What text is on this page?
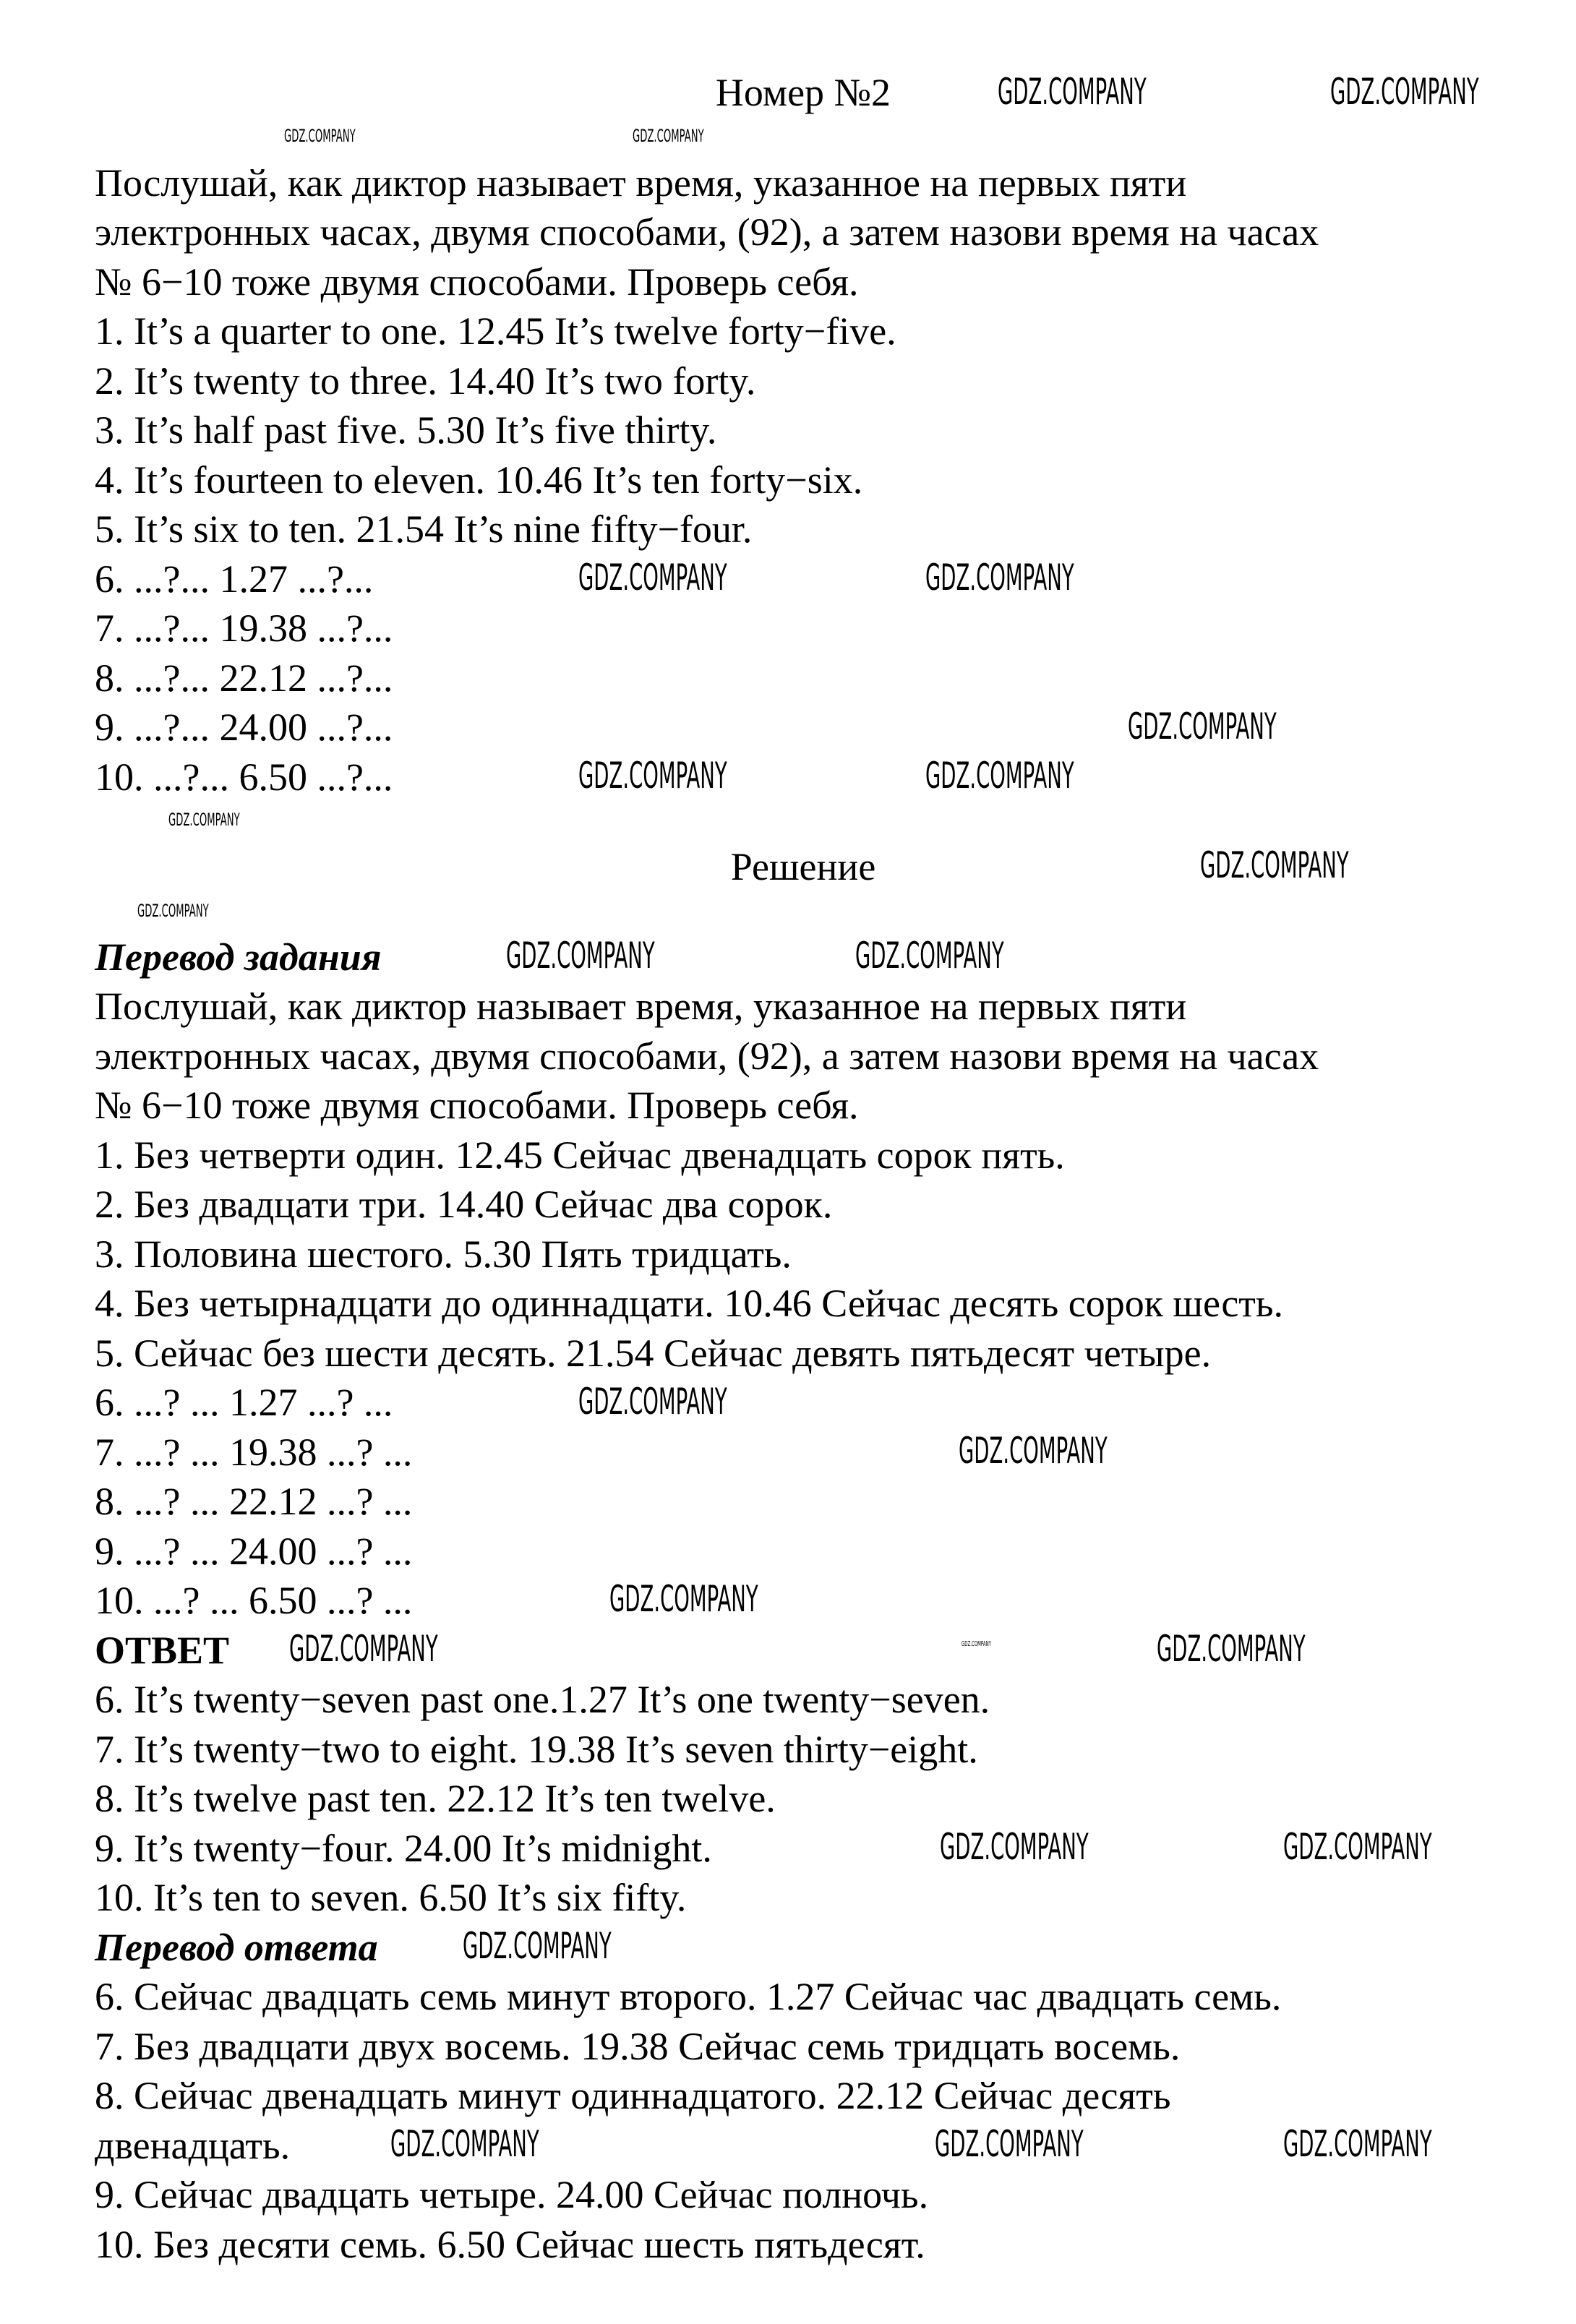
Номер №2
Послушай, как диктор называет время, указанное на первых пяти
электронных часах, двумя способами, (92), а затем назови время на часах
№ 6−10 тоже двумя способами. Проверь себя.
1. It’s a quarter to one. 12.45 It’s twelve forty−five.
2. It’s twenty to three. 14.40 It’s two forty.
3. It’s half past five. 5.30 It’s five thirty.
4. It’s fourteen to eleven. 10.46 It’s ten forty−six.
5. It’s six to ten. 21.54 It’s nine fifty−four.
6. ...?... 1.27 ...?...
7. ...?... 19.38 ...?...
8. ...?... 22.12 ...?...
9. ...?... 24.00 ...?...
10. ...?... 6.50 ...?...
Решение
Перевод задания
Послушай, как диктор называет время, указанное на первых пяти
электронных часах, двумя способами, (92), а затем назови время на часах
№ 6−10 тоже двумя способами. Проверь себя.
1. Без четверти один. 12.45 Сейчас двенадцать сорок пять.
2. Без двадцати три. 14.40 Сейчас два сорок.
3. Половина шестого. 5.30 Пять тридцать.
4. Без четырнадцати до одиннадцати. 10.46 Сейчас десять сорок шесть.
5. Сейчас без шести десять. 21.54 Сейчас девять пятьдесят четыре.
6. ...? ... 1.27 ...? ...
7. ...? ... 19.38 ...? ...
8. ...? ... 22.12 ...? ...
9. ...? ... 24.00 ...? ...
10. ...? ... 6.50 ...? ...
ОТВЕТ
6. It’s twenty−seven past one.1.27 It’s one twenty−seven.
7. It’s twenty−two to eight. 19.38 It’s seven thirty−eight.
8. It’s twelve past ten. 22.12 It’s ten twelve.
9. It’s twenty−four. 24.00 It’s midnight.
10. It’s ten to seven. 6.50 It’s six fifty.
Перевод ответа
6. Сейчас двадцать семь минут второго. 1.27 Сейчас час двадцать семь.
7. Без двадцати двух восемь. 19.38 Сейчас семь тридцать восемь.
8. Сейчас двенадцать минут одиннадцатого. 22.12 Сейчас десять
двенадцать.
9. Сейчас двадцать четыре. 24.00 Сейчас полночь.
10. Без десяти семь. 6.50 Сейчас шесть пятьдесят.
GDZ.COMPANY	GDZ.COMPANY
GDZ.COMPANY	GDZ.COMPANY
GDZ.COMPANY	GDZ.COMPANY
GDZ.COMPANY
GDZ.COMPANY	GDZ.COMPANY
GDZ.COMPANY
GDZ.COMPANY
GDZ.COMPANY
GDZ.COMPANY	GDZ.COMPANY
GDZ.COMPANY
GDZ.COMPANY
GDZ.COMPANY
GDZ.COMPANY	GDZ.COMPANY	GDZ.COMPANY
GDZ.COMPANY	GDZ.COMPANY
GDZ.COMPANY
GDZ.COMPANY	GDZ.COMPANY	GDZ.COMPANY
